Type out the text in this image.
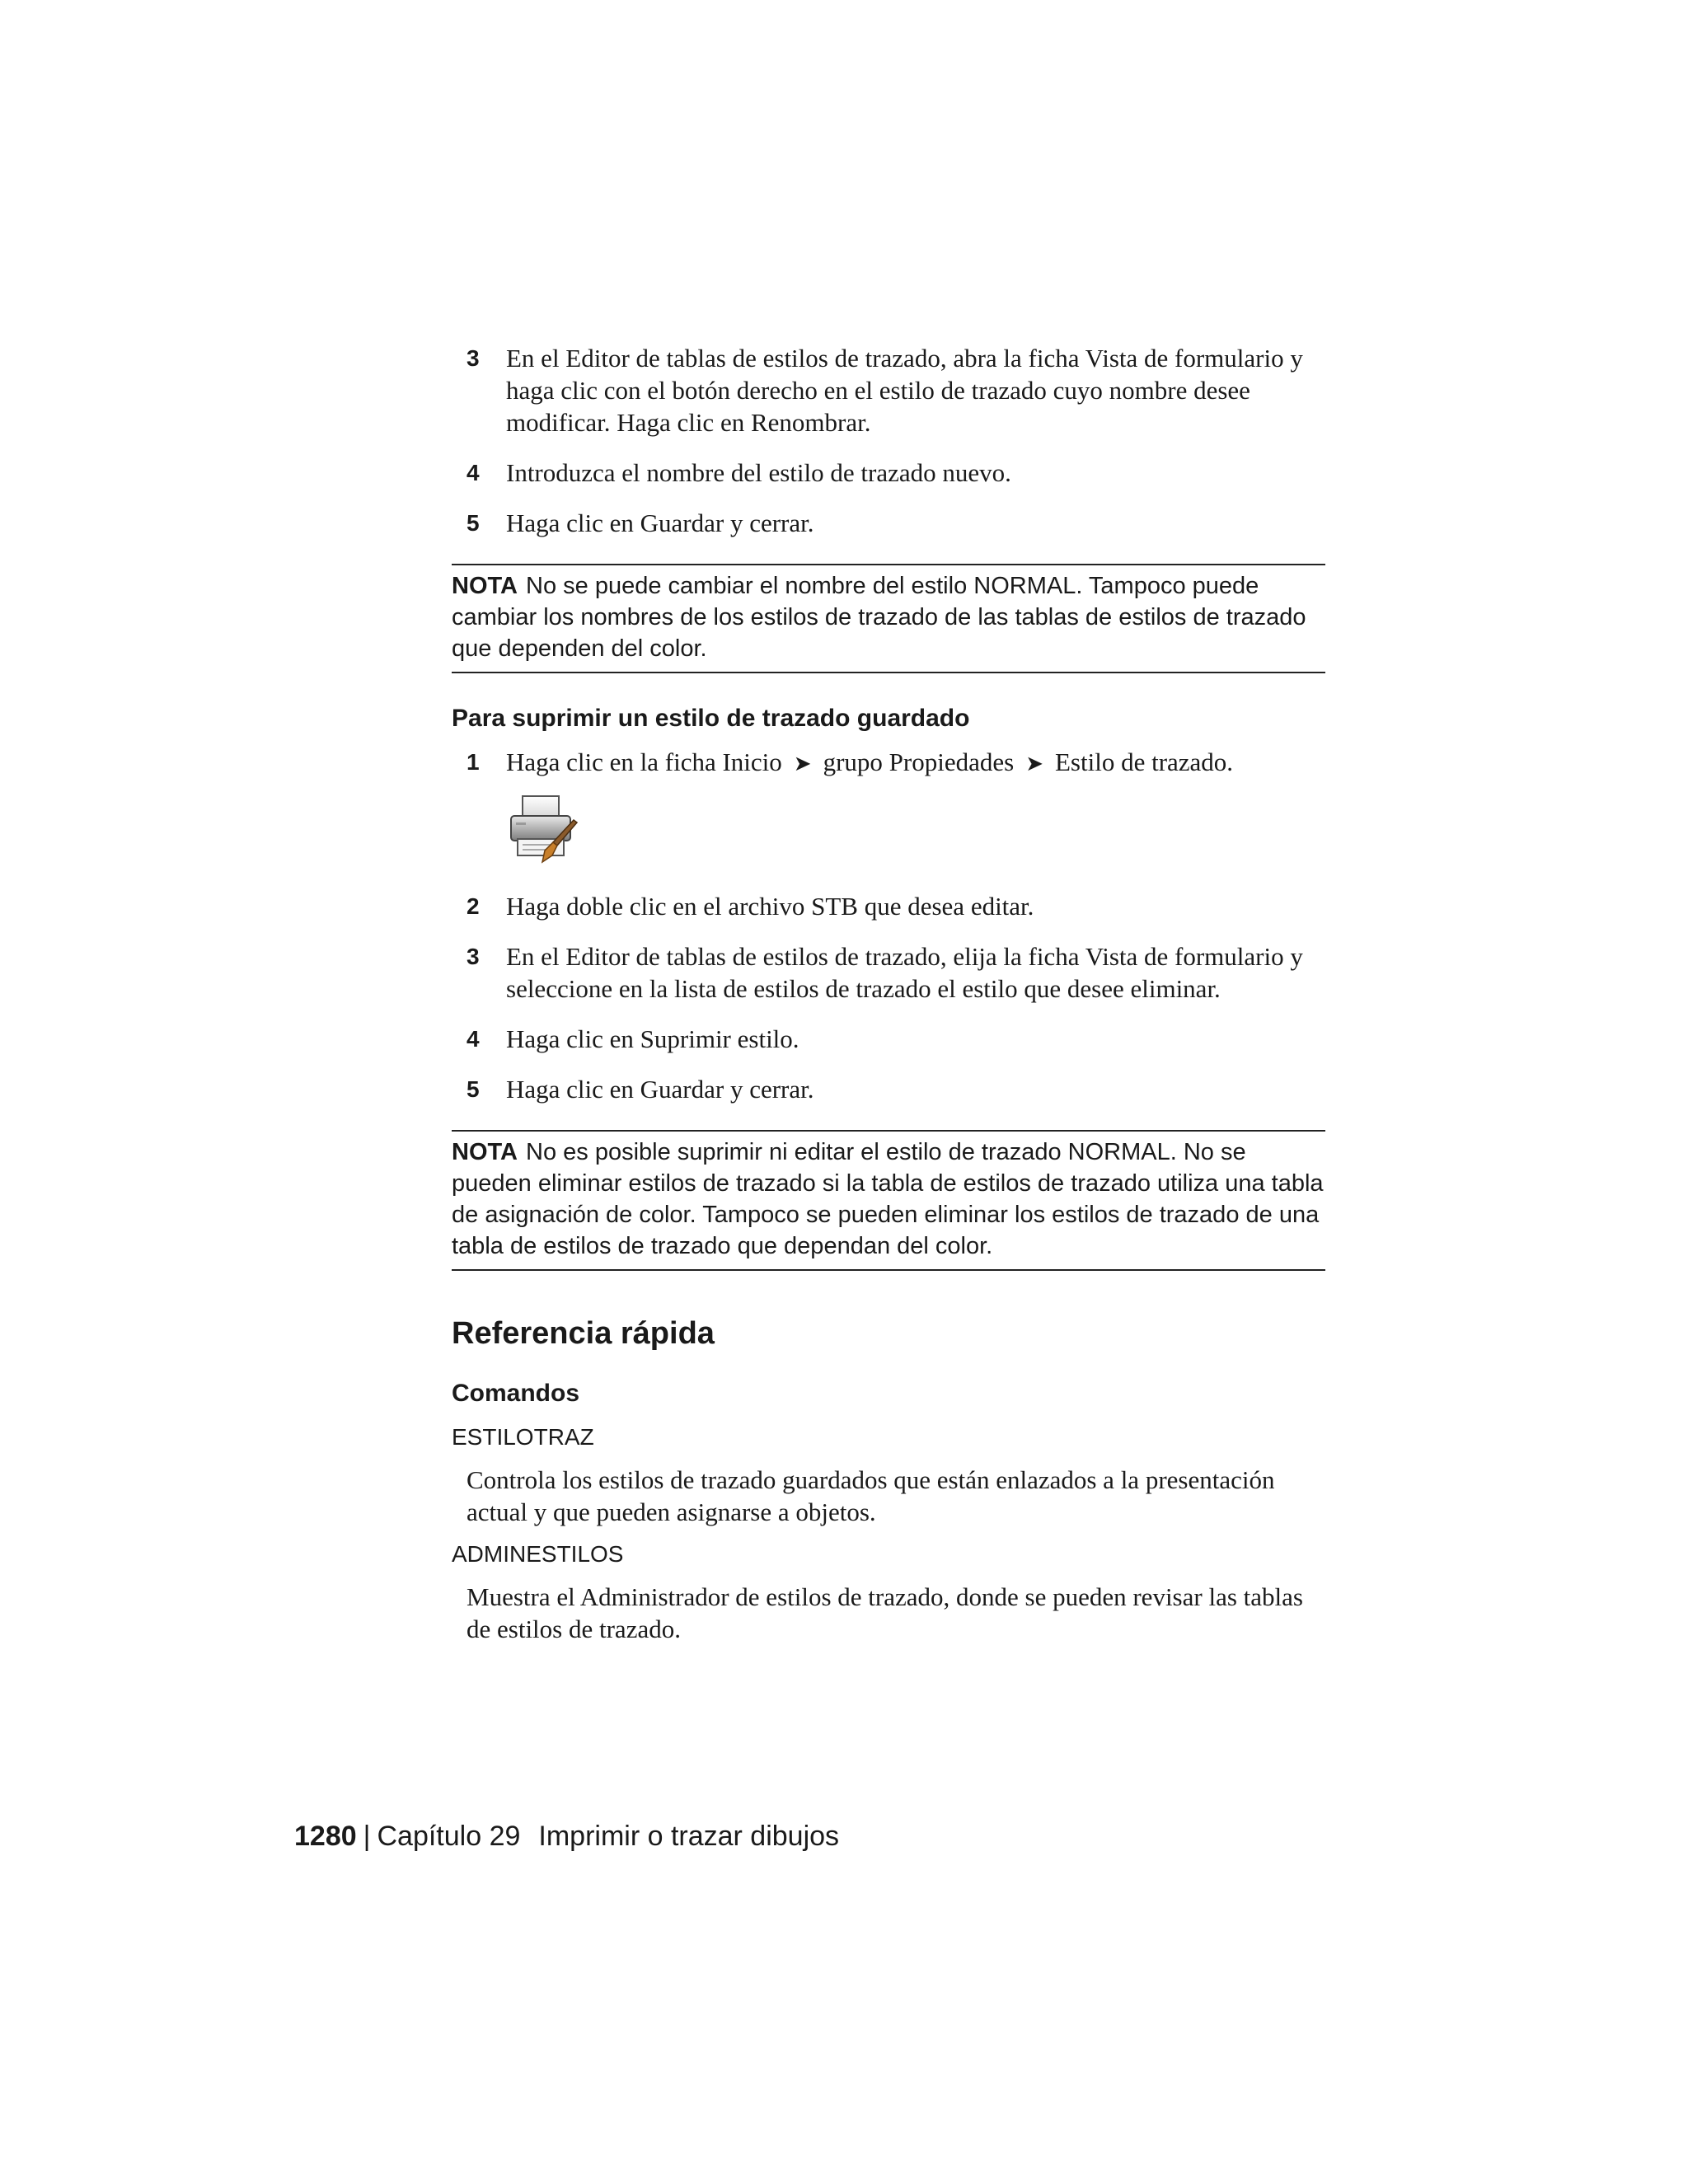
3 En el Editor de tablas de estilos de trazado, abra la ficha Vista de formulario y haga clic con el botón derecho en el estilo de trazado cuyo nombre desee modificar. Haga clic en Renombrar.
4 Introduzca el nombre del estilo de trazado nuevo.
5 Haga clic en Guardar y cerrar.
NOTA No se puede cambiar el nombre del estilo NORMAL. Tampoco puede cambiar los nombres de los estilos de trazado de las tablas de estilos de trazado que dependen del color.
Para suprimir un estilo de trazado guardado
1 Haga clic en la ficha Inicio ➤ grupo Propiedades ➤ Estilo de trazado.
2 Haga doble clic en el archivo STB que desea editar.
3 En el Editor de tablas de estilos de trazado, elija la ficha Vista de formulario y seleccione en la lista de estilos de trazado el estilo que desee eliminar.
4 Haga clic en Suprimir estilo.
5 Haga clic en Guardar y cerrar.
NOTA No es posible suprimir ni editar el estilo de trazado NORMAL. No se pueden eliminar estilos de trazado si la tabla de estilos de trazado utiliza una tabla de asignación de color. Tampoco se pueden eliminar los estilos de trazado de una tabla de estilos de trazado que dependan del color.
Referencia rápida
Comandos
ESTILOTRAZ
Controla los estilos de trazado guardados que están enlazados a la presentación actual y que pueden asignarse a objetos.
ADMINESTILOS
Muestra el Administrador de estilos de trazado, donde se pueden revisar las tablas de estilos de trazado.
1280 | Capítulo 29 Imprimir o trazar dibujos
